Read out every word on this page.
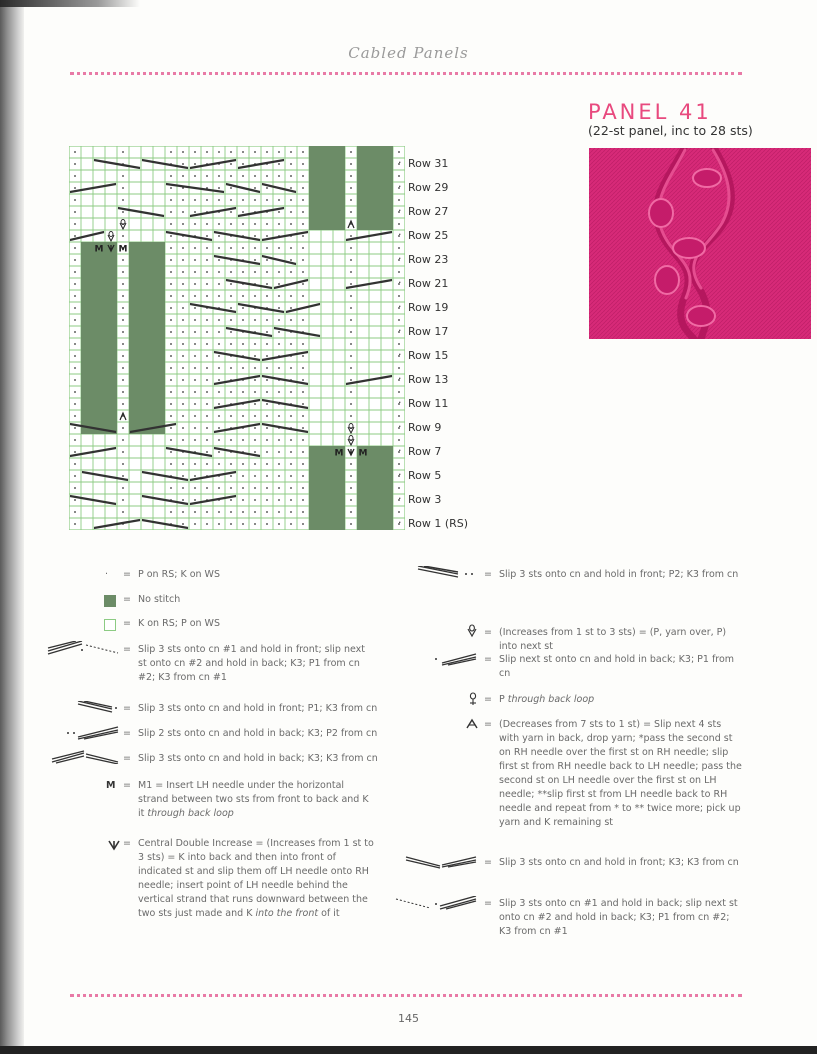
Cabled Panels
PANEL 41
(22-st panel, inc to 28 sts)
M M
M M
· Row 31
· Row 29
· Row 27
· Row 25
· Row 23
· Row 21
· Row 19
· Row 17
· Row 15
· Row 13
· Row 11
· Row 9
· Row 7
· Row 5
· Row 3
· Row 1 (RS)
· = P on RS; K on WS
= No stitch
= K on RS; P on WS
= Slip 3 sts onto cn #1 and hold in front; slip next st onto cn #2 and hold in back; K3; P1 from cn #2; K3 from cn #1
= Slip 3 sts onto cn and hold in front; P1; K3 from cn
= Slip 2 sts onto cn and hold in back; K3; P2 from cn
= Slip 3 sts onto cn and hold in back; K3; K3 from cn
M = M1 = Insert LH needle under the horizontal strand between two sts from front to back and K it through back loop
= Central Double Increase = (Increases from 1 st to 3 sts) = K into back and then into front of indicated st and slip them off LH needle onto RH needle; insert point of LH needle behind the vertical strand that runs downward between the two sts just made and K into the front of it
= Slip 3 sts onto cn and hold in front; P2; K3 from cn
= (Increases from 1 st to 3 sts) = (P, yarn over, P) into next st
= Slip next st onto cn and hold in back; K3; P1 from cn
= P through back loop
= (Decreases from 7 sts to 1 st) = Slip next 4 sts with yarn in back, drop yarn; *pass the second st on RH needle over the first st on RH needle; slip first st from RH needle back to LH needle; pass the second st on LH needle over the first st on LH needle; **slip first st from LH needle back to RH needle and repeat from * to ** twice more; pick up yarn and K remaining st
= Slip 3 sts onto cn and hold in front; K3; K3 from cn
= Slip 3 sts onto cn #1 and hold in back; slip next st onto cn #2 and hold in back; K3; P1 from cn #2; K3 from cn #1
145
